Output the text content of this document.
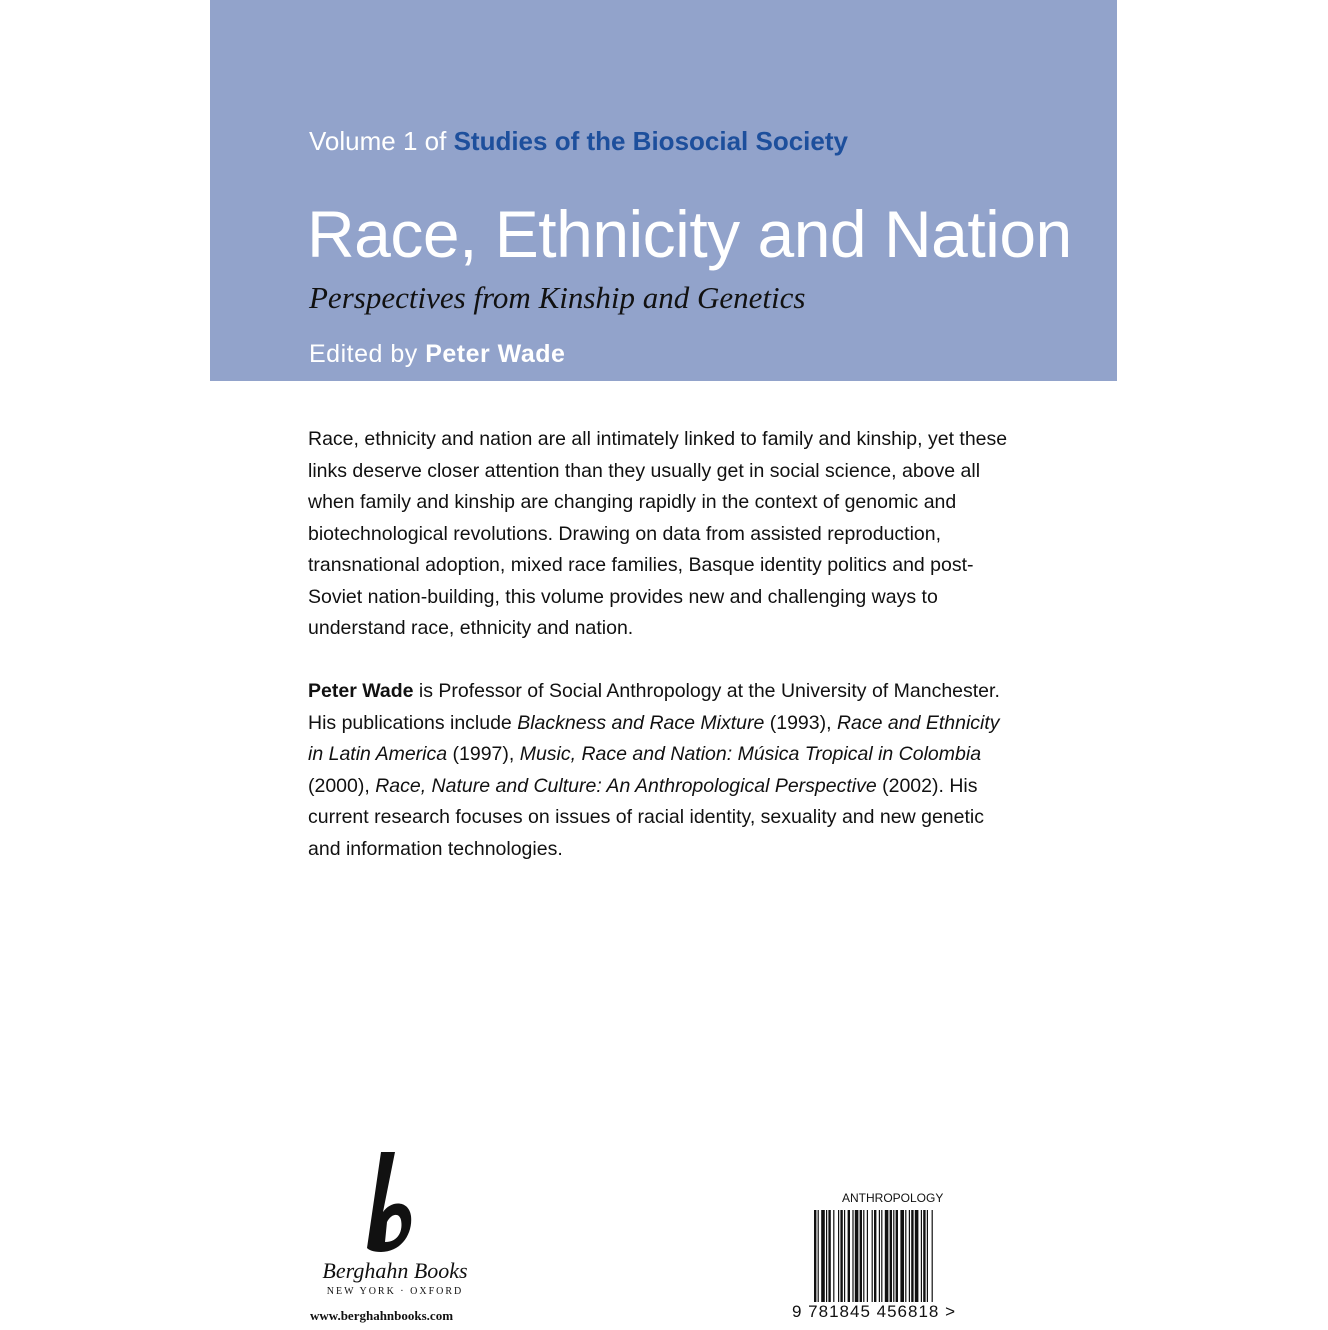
Volume 1 of Studies of the Biosocial Society
Race, Ethnicity and Nation
Perspectives from Kinship and Genetics
Edited by Peter Wade

Race, ethnicity and nation are all intimately linked to family and kinship, yet these links deserve closer attention than they usually get in social science, above all when family and kinship are changing rapidly in the context of genomic and biotechnological revolutions. Drawing on data from assisted reproduction, transnational adoption, mixed race families, Basque identity politics and post-Soviet nation-building, this volume provides new and challenging ways to understand race, ethnicity and nation.

Peter Wade is Professor of Social Anthropology at the University of Manchester. His publications include Blackness and Race Mixture (1993), Race and Ethnicity in Latin America (1997), Music, Race and Nation: Música Tropical in Colombia (2000), Race, Nature and Culture: An Anthropological Perspective (2002). His current research focuses on issues of racial identity, sexuality and new genetic and information technologies.

Berghahn Books
NEW YORK · OXFORD
www.berghahnbooks.com
ANTHROPOLOGY
9 781845 456818 >
